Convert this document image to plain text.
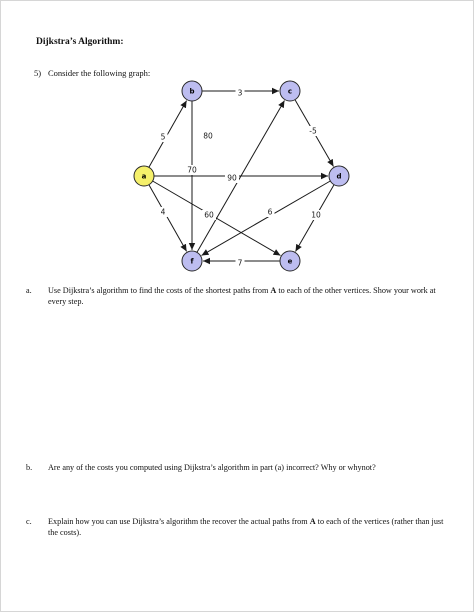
Dijkstra’s Algorithm:
5) Consider the following graph:
5
3
-5
90
4
80
70
60	6	10
7
a
b	c
d
e
f
a. Use Dijkstra’s algorithm to find the costs of the shortest paths from A to each of the other vertices. Show your work at every step.
b. Are any of the costs you computed using Dijkstra’s algorithm in part (a) incorrect? Why or whynot?
c. Explain how you can use Dijkstra’s algorithm the recover the actual paths from A to each of the vertices (rather than just the costs).
